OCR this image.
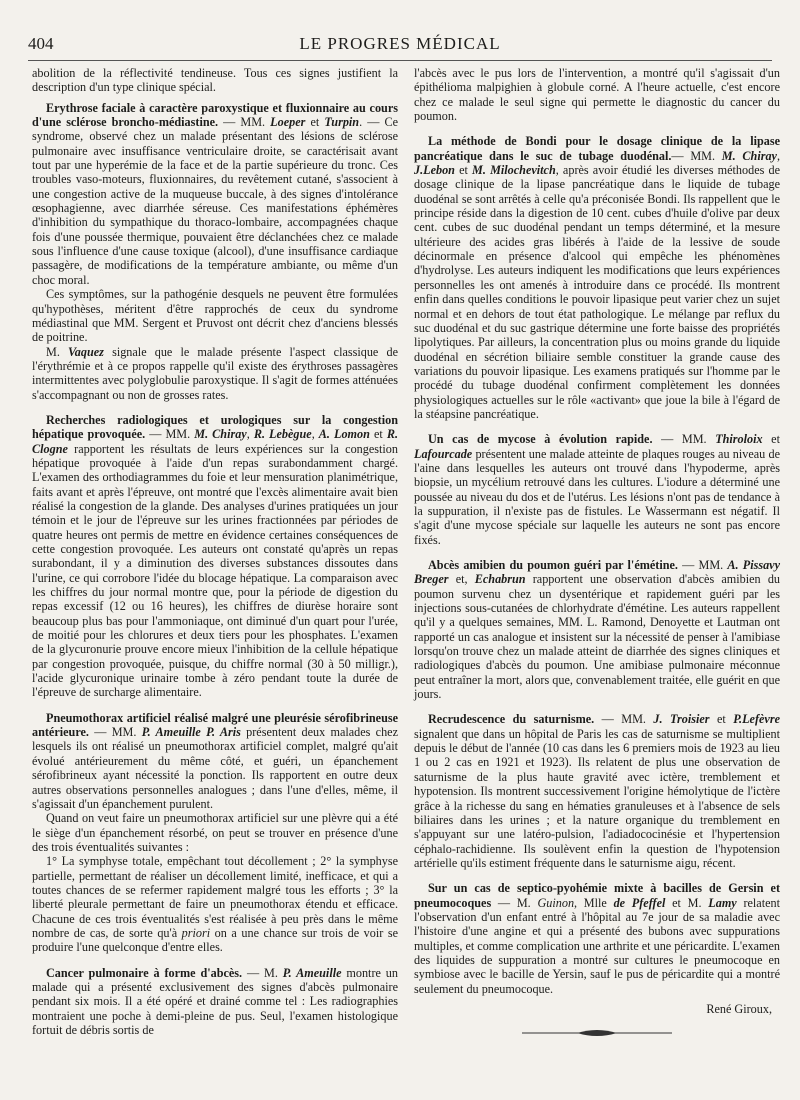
404	LE PROGRES MÉDICAL

abolition de la réflectivité tendineuse. Tous ces signes justifient la description d'un type clinique spécial.

Erythrose faciale à caractère paroxystique et fluxionnaire au cours d'une sclérose broncho-médiastine. — MM. Loeper et Turpin. — Ce syndrome, observé chez un malade présentant des lésions de sclérose pulmonaire avec insuffisance ventriculaire droite, se caractérisait avant tout par une hyperémie de la face et de la partie supérieure du tronc. Ces troubles vaso-moteurs, fluxionnaires, du revêtement cutané, s'associent à une congestion active de la muqueuse buccale, à des signes d'intolérance œsophagienne, avec diarrhée séreuse. Ces manifestations éphémères d'inhibition du sympathique du thoraco-lombaire, accompagnées chaque fois d'une poussée thermique, pouvaient être déclanchées chez ce malade sous l'influence d'une cause toxique (alcool), d'une insuffisance cardiaque passagère, de modifications de la température ambiante, ou même d'un choc moral.

Ces symptômes, sur la pathogénie desquels ne peuvent être formulées qu'hypothèses, méritent d'être rapprochés de ceux du syndrome médiastinal que MM. Sergent et Pruvost ont décrit chez d'anciens blessés de poitrine.

M. Vaquez signale que le malade présente l'aspect classique de l'érythrémie et à ce propos rappelle qu'il existe des érythroses passagères intermittentes avec polyglobulie paroxystique. Il s'agit de formes atténuées s'accompagnant ou non de grosses rates.

Recherches radiologiques et urologiques sur la congestion hépatique provoquée. — MM. M. Chiray, R. Lebègue, A. Lomon et R. Clogne rapportent les résultats de leurs expériences sur la congestion hépatique provoquée à l'aide d'un repas surabondamment chargé. L'examen des orthodiagrammes du foie et leur mensuration planimétrique, faits avant et après l'épreuve, ont montré que l'excès alimentaire avait bien réalisé la congestion de la glande. Des analyses d'urines pratiquées un jour témoin et le jour de l'épreuve sur les urines fractionnées par périodes de quatre heures ont permis de mettre en évidence certaines conséquences de cette congestion provoquée. Les auteurs ont constaté qu'après un repas surabondant, il y a diminution des diverses substances dissoutes dans l'urine, ce qui corrobore l'idée du blocage hépatique. La comparaison avec les chiffres du jour normal montre que, pour la période de digestion du repas excessif (12 ou 16 heures), les chiffres de diurèse horaire sont beaucoup plus bas pour l'ammoniaque, ont diminué d'un quart pour l'urée, de moitié pour les chlorures et deux tiers pour les phosphates. L'examen de la glycuronurie prouve encore mieux l'inhibition de la cellule hépatique par congestion provoquée, puisque, du chiffre normal (30 à 50 milligr.), l'acide glycuronique urinaire tombe à zéro pendant toute la durée de l'épreuve de surcharge alimentaire.

Pneumothorax artificiel réalisé malgré une pleurésie sérofibrineuse antérieure. — MM. P. Ameuille P. Aris présentent deux malades chez lesquels ils ont réalisé un pneumothorax artificiel complet, malgré qu'ait évolué antérieurement du même côté, et guéri, un épanchement sérofibrineux ayant nécessité la ponction. Ils rapportent en outre deux autres observations personnelles analogues ; dans l'une d'elles, même, il s'agissait d'un épanchement purulent.

Quand on veut faire un pneumothorax artificiel sur une plèvre qui a été le siège d'un épanchement résorbé, on peut se trouver en présence d'une des trois éventualités suivantes :

1° La symphyse totale, empêchant tout décollement ; 2° la symphyse partielle, permettant de réaliser un décollement limité, inefficace, et qui a toutes chances de se refermer rapidement malgré tous les efforts ; 3° la liberté pleurale permettant de faire un pneumothorax étendu et efficace. Chacune de ces trois éventualités s'est réalisée à peu près dans le même nombre de cas, de sorte qu'à priori on a une chance sur trois de voir se produire l'une quelconque d'entre elles.

Cancer pulmonaire à forme d'abcès. — M. P. Ameuille montre un malade qui a présenté exclusivement des signes d'abcès pulmonaire pendant six mois. Il a été opéré et drainé comme tel : Les radiographies montraient une poche à demi-pleine de pus. Seul, l'examen histologique fortuit de débris sortis de

l'abcès avec le pus lors de l'intervention, a montré qu'il s'agissait d'un épithélioma malpighien à globule corné. A l'heure actuelle, c'est encore chez ce malade le seul signe qui permette le diagnostic du cancer du poumon.

La méthode de Bondi pour le dosage clinique de la lipase pancréatique dans le suc de tubage duodénal.— MM. M. Chiray, J.Lebon et M. Milochevitch, après avoir étudié les diverses méthodes de dosage clinique de la lipase pancréatique dans le liquide de tubage duodénal se sont arrêtés à celle qu'a préconisée Bondi. Ils rappellent que le principe réside dans la digestion de 10 cent. cubes d'huile d'olive par deux cent. cubes de suc duodénal pendant un temps déterminé, et la mesure ultérieure des acides gras libérés à l'aide de la lessive de soude décinormale en présence d'alcool qui empêche les phénomènes d'hydrolyse. Les auteurs indiquent les modifications que leurs expériences personnelles les ont amenés à introduire dans ce procédé. Ils montrent enfin dans quelles conditions le pouvoir lipasique peut varier chez un sujet normal et en dehors de tout état pathologique. Le mélange par reflux du suc duodénal et du suc gastrique détermine une forte baisse des propriétés lipolytiques. Par ailleurs, la concentration plus ou moins grande du liquide duodénal en sécrétion biliaire semble constituer la grande cause des variations du pouvoir lipasique. Les examens pratiqués sur l'homme par le procédé du tubage duodénal confirment complètement les données physiologiques actuelles sur le rôle «activant» que joue la bile à l'égard de la stéapsine pancréatique.

Un cas de mycose à évolution rapide. — MM. Thiroloix et Lafourcade présentent une malade atteinte de plaques rouges au niveau de l'aine dans lesquelles les auteurs ont trouvé dans l'hypoderme, après biopsie, un mycélium retrouvé dans les cultures. L'iodure a déterminé une poussée au niveau du dos et de l'utérus. Les lésions n'ont pas de tendance à la suppuration, il n'existe pas de fistules. Le Wassermann est négatif. Il s'agit d'une mycose spéciale sur laquelle les auteurs ne sont pas encore fixés.

Abcès amibien du poumon guéri par l'émétine. — MM. A. Pissavy Breger et, Echabrun rapportent une observation d'abcès amibien du poumon survenu chez un dysentérique et rapidement guéri par les injections sous-cutanées de chlorhydrate d'émétine. Les auteurs rappellent qu'il y a quelques semaines, MM. L. Ramond, Denoyette et Lautman ont rapporté un cas analogue et insistent sur la nécessité de penser à l'amibiase lorsqu'on trouve chez un malade atteint de diarrhée des signes cliniques et radiologiques d'abcès du poumon. Une amibiase pulmonaire méconnue peut entraîner la mort, alors que, convenablement traitée, elle guérit en que jours.

Recrudescence du saturnisme. — MM. J. Troisier et P.Lefèvre signalent que dans un hôpital de Paris les cas de saturnisme se multiplient depuis le début de l'année (10 cas dans les 6 premiers mois de 1923 au lieu 1 ou 2 cas en 1921 et 1923). Ils relatent de plus une observation de saturnisme de la plus haute gravité avec ictère, tremblement et hypotension. Ils montrent successivement l'origine hémolytique de l'ictère grâce à la richesse du sang en hématies granuleuses et à l'absence de sels biliaires dans les urines ; et la nature organique du tremblement en s'appuyant sur une latéro-pulsion, l'adiadococinésie et l'hypertension céphalo-rachidienne. Ils soulèvent enfin la question de l'hypotension artérielle qu'ils estiment fréquente dans le saturnisme aigu, récent.

Sur un cas de septico-pyohémie mixte à bacilles de Gersin et pneumocoques — M. Guinon, Mlle de Pfeffel et M. Lamy relatent l'observation d'un enfant entré à l'hôpital au 7e jour de sa maladie avec l'histoire d'une angine et qui a présenté des bubons avec suppurations multiples, et comme complication une arthrite et une péricardite. L'examen des liquides de suppuration a montré sur cultures le pneumocoque en symbiose avec le bacille de Yersin, sauf le pus de péricardite qui a montré seulement du pneumocoque.

René Giroux,
